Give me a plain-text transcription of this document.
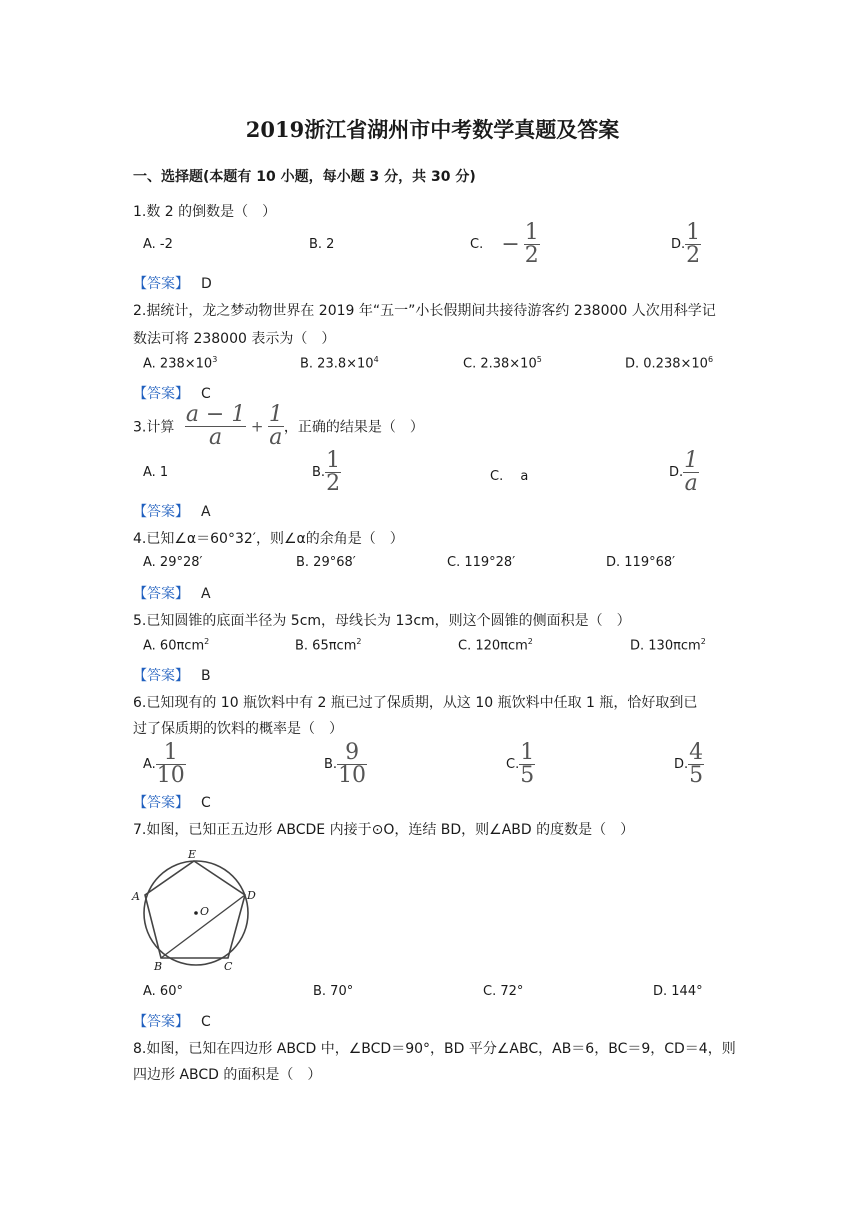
2019浙江省湖州市中考数学真题及答案
一、选择题(本题有 10 小题，每小题 3 分，共 30 分)
1.数 2 的倒数是（　）
A. -2	B. 2	C. − $\frac{1}{2}$	D. $\frac{1}{2}$
【答案】 D
2.据统计，龙之梦动物世界在 2019 年“五一”小长假期间共接待游客约 238000 人次用科学记
数法可将 238000 表示为（　）
A. $238\times 10^3$	B. $23.8\times 10^4$	C. $2.38\times 10^5$	D. $0.238\times 10^6$
【答案】 C
3.计算 $\frac{a - 1}{a} + \frac{1}{a}$ ，正确的结果是（　）
A. 1	B. $\frac{1}{2}$	C.　 a	D. $\frac{1}{a}$
【答案】 A
4.已知∠α＝60°32′，则∠α的余角是（　）
A. 29°28′	B. 29°68′	C. 119°28′	D. 119°68′
【答案】 A
5.已知圆锥的底面半径为 5cm，母线长为 13cm，则这个圆锥的侧面积是（　）
A. 60πcm$^2$	B. 65πcm$^2$	C. 120πcm$^2$	D. 130πcm$^2$
【答案】 B
6.已知现有的 10 瓶饮料中有 2 瓶已过了保质期，从这 10 瓶饮料中任取 1 瓶，恰好取到已
过了保质期的饮料的概率是（　）
A. $\frac{1}{10}$	B. $\frac{9}{10}$	C. $\frac{1}{5}$	D. $\frac{4}{5}$
【答案】 C
7.如图，已知正五边形 ABCDE 内接于⊙O，连结 BD，则∠ABD 的度数是（　）
E
D
A
B	C
O
A. 60°	B. 70°	C. 72°	D. 144°
【答案】 C
8.如图，已知在四边形 ABCD 中，∠BCD＝90°，BD 平分∠ABC，AB＝6，BC＝9，CD＝4，则
四边形 ABCD 的面积是（　）
